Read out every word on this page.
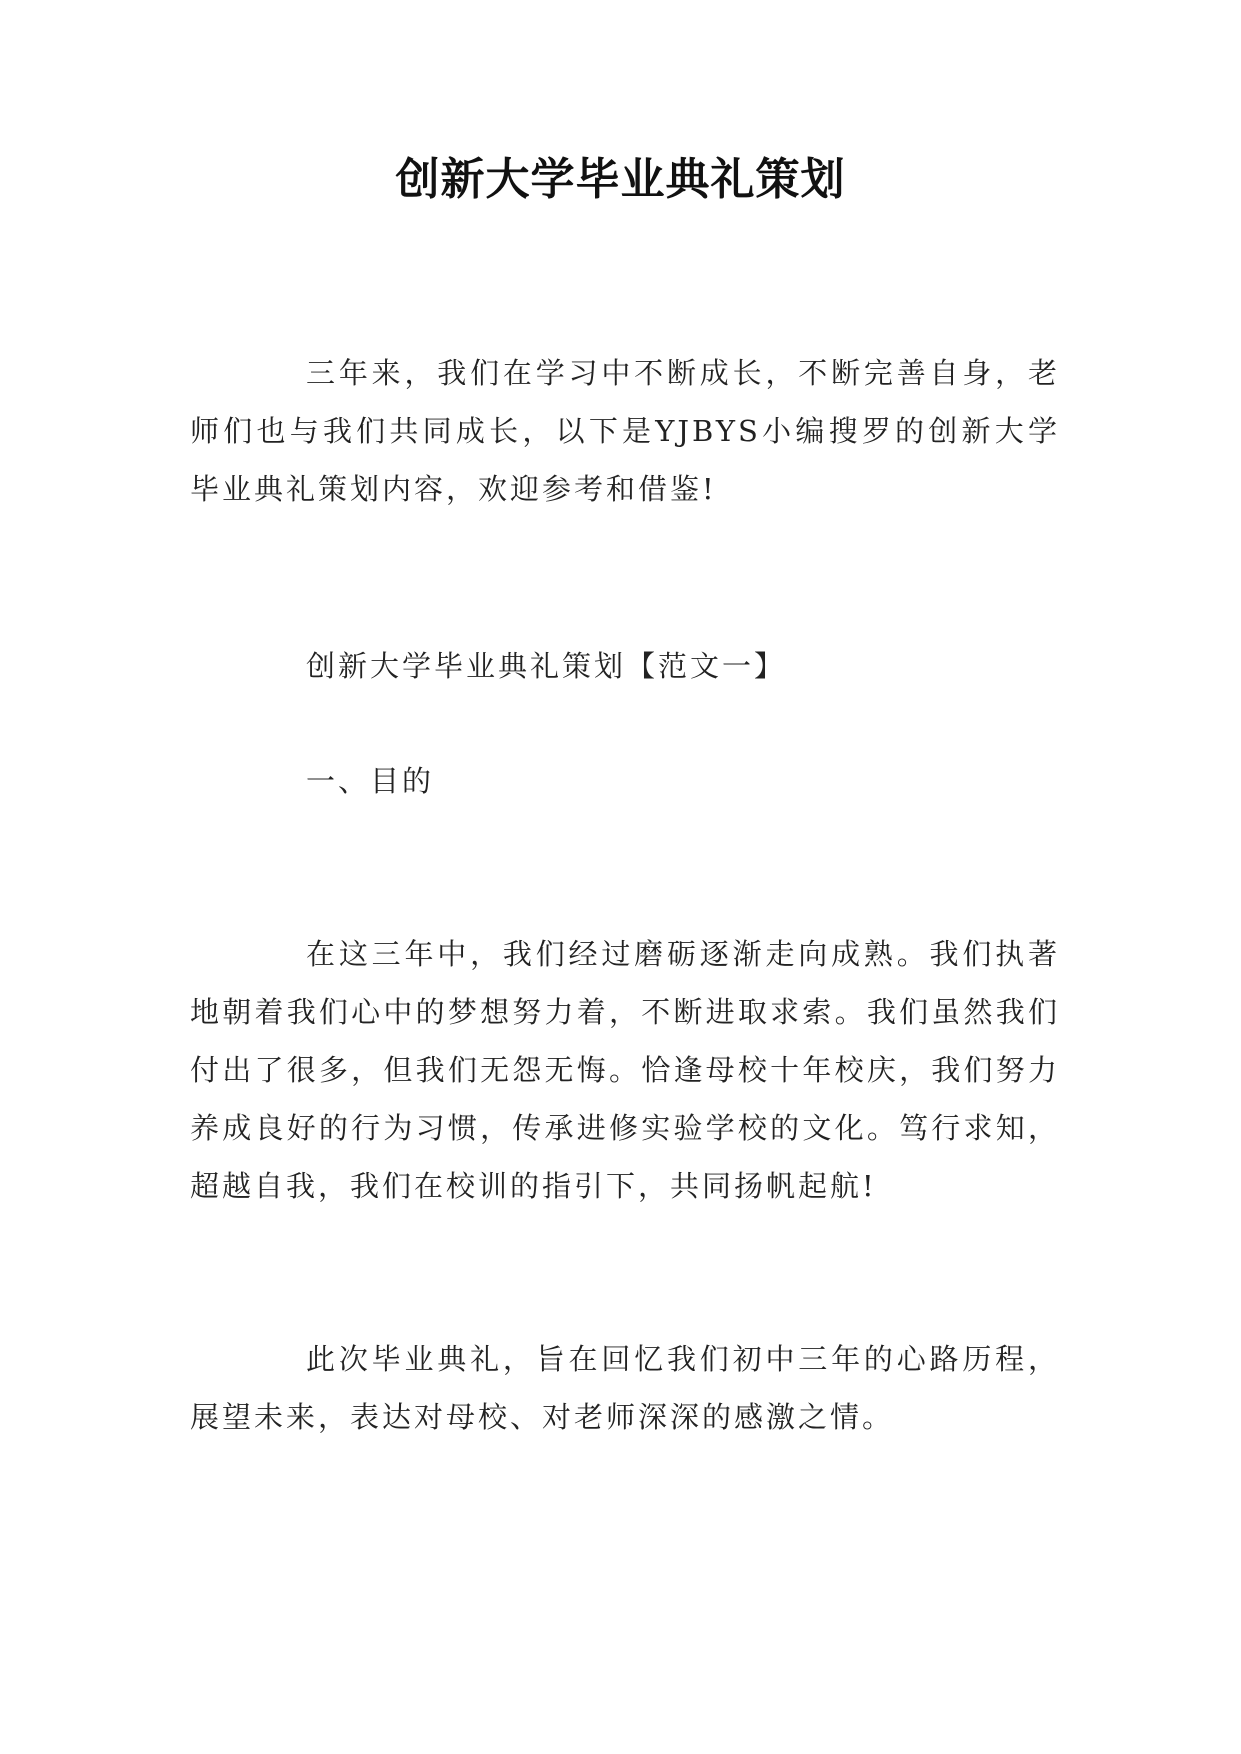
创新大学毕业典礼策划

三年来，我们在学习中不断成长，不断完善自身，老师们也与我们共同成长，以下是YJBYS小编搜罗的创新大学毕业典礼策划内容，欢迎参考和借鉴!

创新大学毕业典礼策划【范文一】

一、目的

在这三年中，我们经过磨砺逐渐走向成熟。我们执著地朝着我们心中的梦想努力着，不断进取求索。我们虽然我们付出了很多，但我们无怨无悔。恰逢母校十年校庆，我们努力养成良好的行为习惯，传承进修实验学校的文化。笃行求知，超越自我，我们在校训的指引下，共同扬帆起航!

此次毕业典礼，旨在回忆我们初中三年的心路历程，展望未来，表达对母校、对老师深深的感激之情。
